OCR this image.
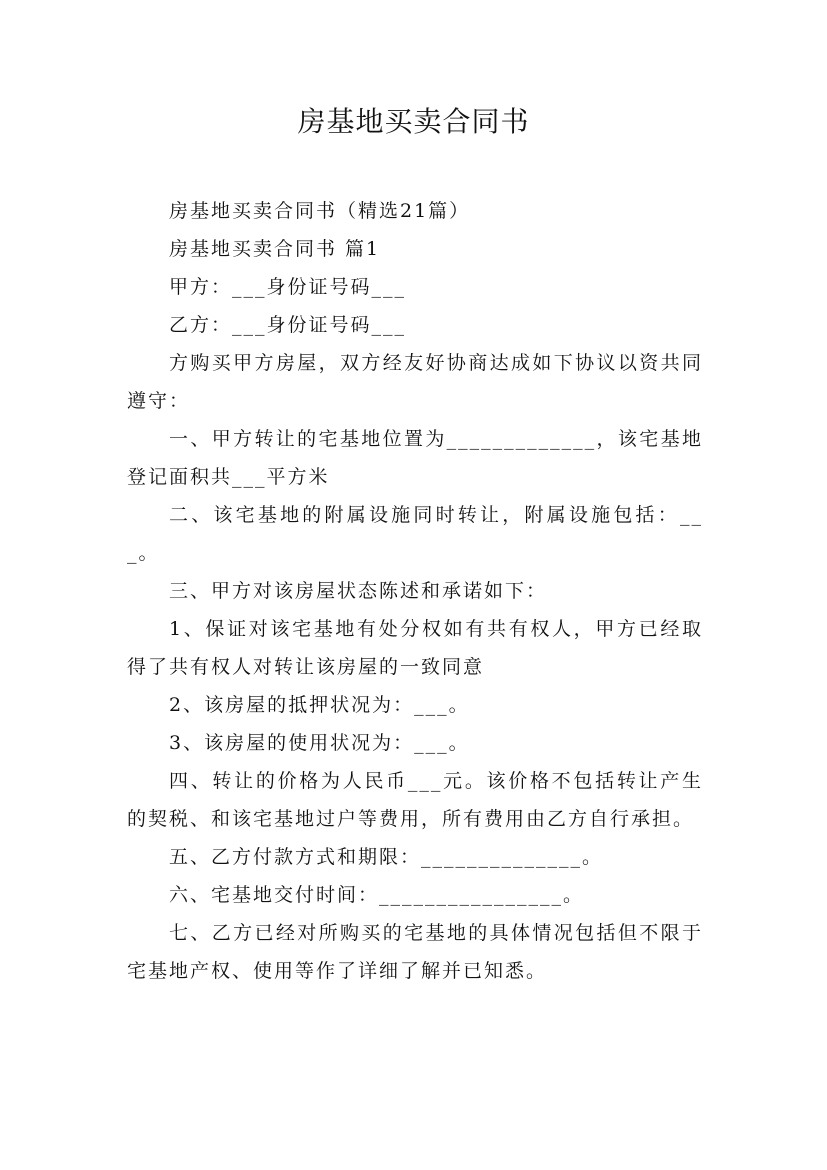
房基地买卖合同书

房基地买卖合同书（精选21篇）

房基地买卖合同书 篇1

甲方：___身份证号码___

乙方：___身份证号码___

方购买甲方房屋，双方经友好协商达成如下协议以资共同遵守：

一、甲方转让的宅基地位置为_____________，该宅基地登记面积共___平方米

二、该宅基地的附属设施同时转让，附属设施包括：___。

三、甲方对该房屋状态陈述和承诺如下：

1、保证对该宅基地有处分权如有共有权人，甲方已经取得了共有权人对转让该房屋的一致同意

2、该房屋的抵押状况为：___。

3、该房屋的使用状况为：___。

四、转让的价格为人民币___元。该价格不包括转让产生的契税、和该宅基地过户等费用，所有费用由乙方自行承担。

五、乙方付款方式和期限：______________。

六、宅基地交付时间：________________。

七、乙方已经对所购买的宅基地的具体情况包括但不限于宅基地产权、使用等作了详细了解并已知悉。
